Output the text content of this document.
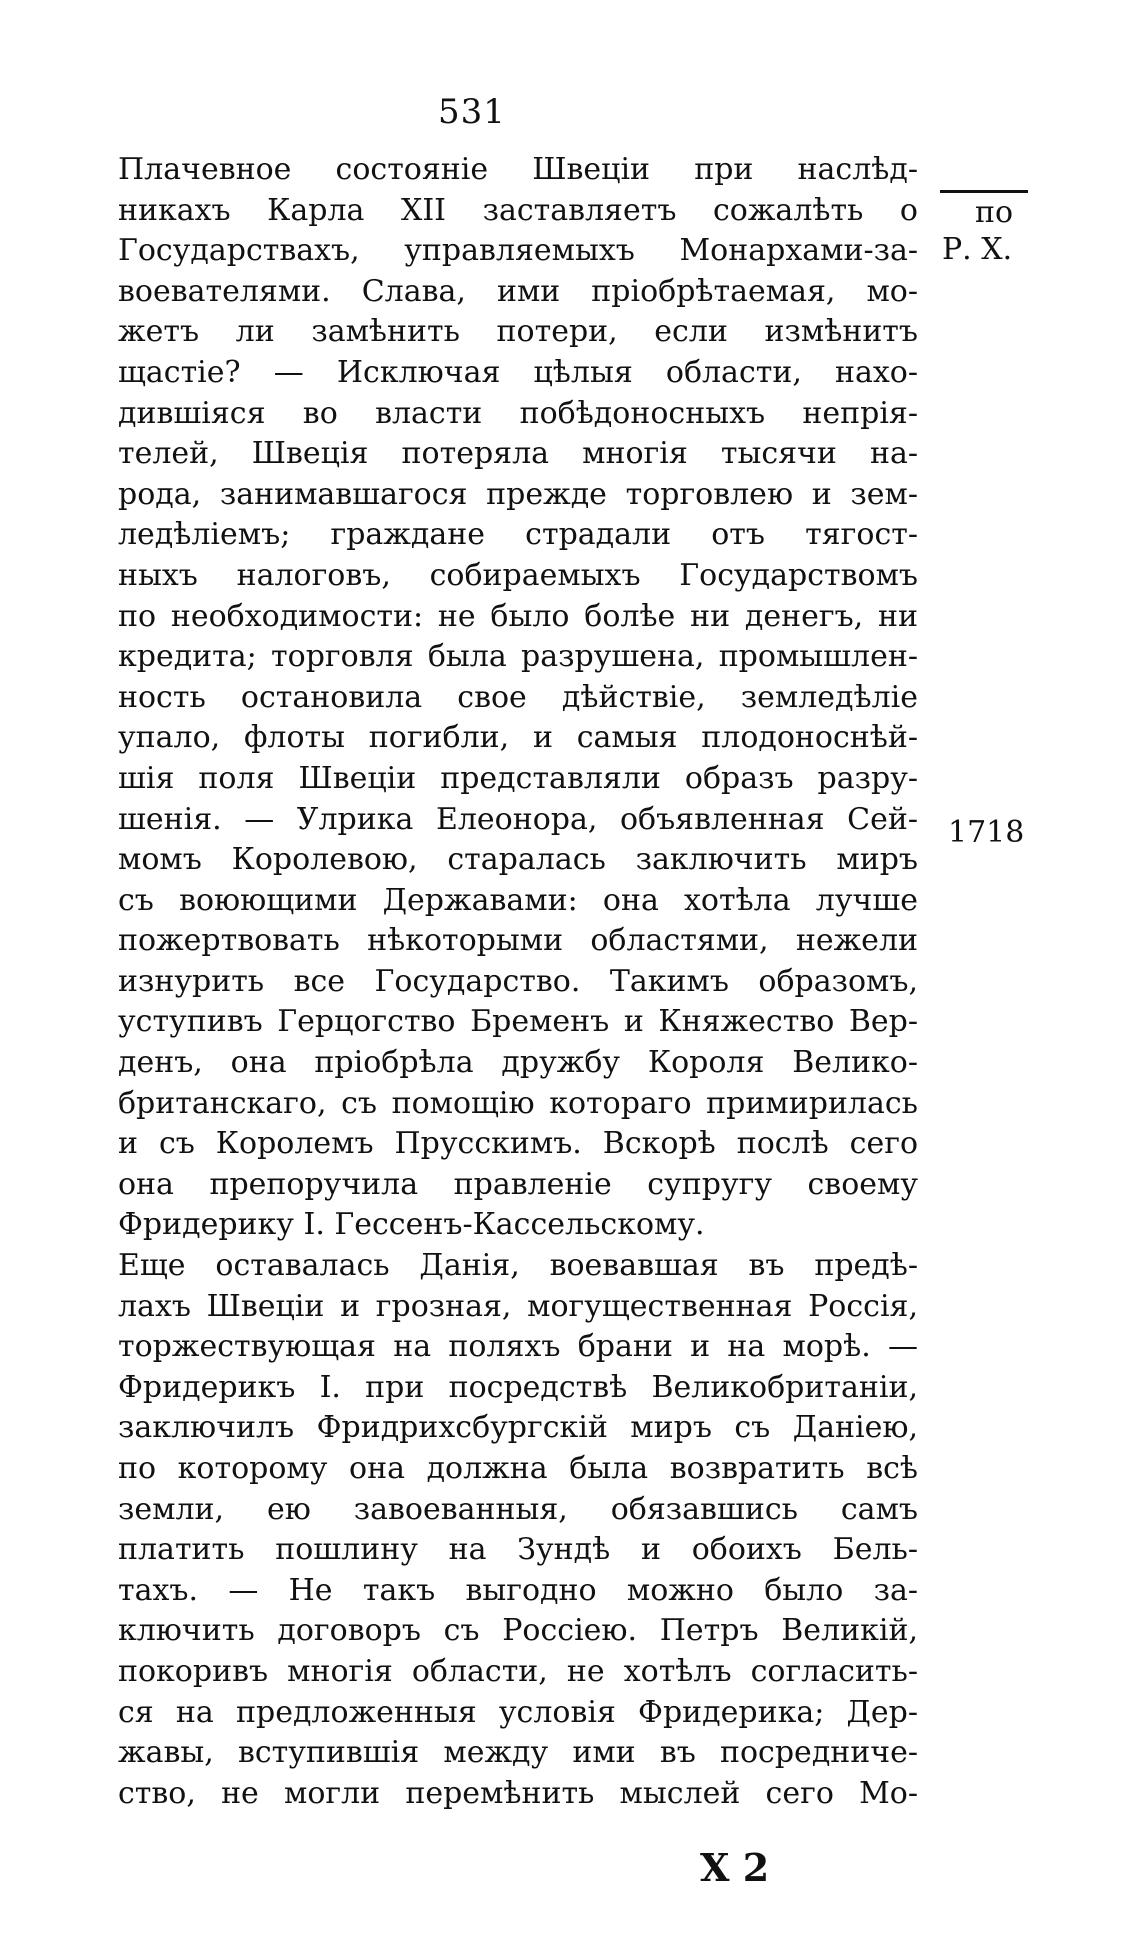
531
по
Р. Х.
1718
Плачевное состояніе Швеціи при наслѣд-
никахъ Карла XII заставляетъ сожалѣть о
Государствахъ, управляемыхъ Монархами-за-
воевателями. Слава, ими пріобрѣтаемая, мо-
жетъ ли замѣнить потери, если измѣнитъ
щастіе? — Исключая цѣлыя области, нахо-
дившіяся во власти побѣдоносныхъ непрія-
телей, Швеція потеряла многія тысячи на-
рода, занимавшагося прежде торговлею и зем-
ледѣліемъ; граждане страдали отъ тягост-
ныхъ налоговъ, собираемыхъ Государствомъ
по необходимости: не было болѣе ни денегъ, ни
кредита; торговля была разрушена, промышлен-
ность остановила свое дѣйствіе, земледѣліе
упало, флоты погибли, и самыя плодоноснѣй-
шія поля Швеціи представляли образъ разру-
шенія. — Улрика Елеонора, объявленная Сей-
момъ Королевою, старалась заключить миръ
съ воюющими Державами: она хотѣла лучше
пожертвовать нѣкоторыми областями, нежели
изнурить все Государство. Такимъ образомъ,
уступивъ Герцогство Бременъ и Княжество Вер-
денъ, она пріобрѣла дружбу Короля Велико-
британскаго, съ помощію котораго примирилась
и съ Королемъ Прусскимъ. Вскорѣ послѣ сего
она препоручила правленіе супругу своему
Фридерику I. Гессенъ-Кассельскому.
Еще оставалась Данія, воевавшая въ предѣ-
лахъ Швеціи и грозная, могущественная Россія,
торжествующая на поляхъ брани и на морѣ. —
Фридерикъ I. при посредствѣ Великобританіи,
заключилъ Фридрихсбургскій миръ съ Даніею,
по которому она должна была возвратить всѣ
земли, ею завоеванныя, обязавшись самъ
платить пошлину на Зундѣ и обоихъ Бель-
тахъ. — Не такъ выгодно можно было за-
ключить договоръ съ Россіею. Петръ Великій,
покоривъ многія области, не хотѣлъ согласить-
ся на предложенныя условія Фридерика; Дер-
жавы, вступившія между ими въ посредниче-
ство, не могли перемѣнить мыслей сего Мо-
X 2
